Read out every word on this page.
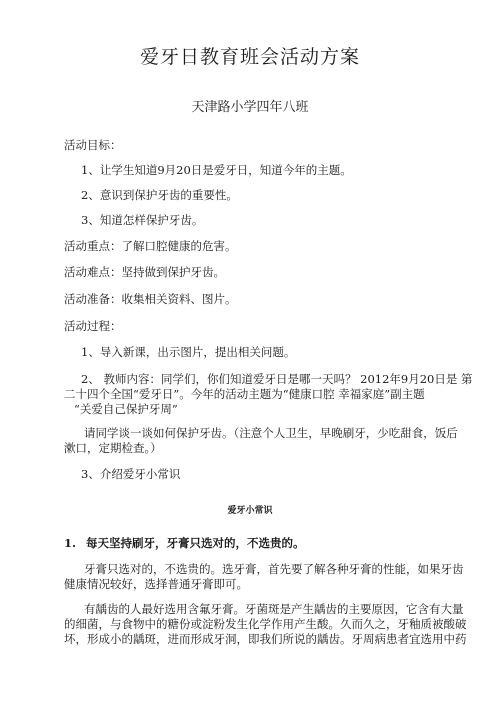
爱牙日教育班会活动方案
天津路小学四年八班
活动目标：
1、让学生知道9月20日是爱牙日，知道今年的主题。
2、意识到保护牙齿的重要性。
3、知道怎样保护牙齿。
活动重点：了解口腔健康的危害。
活动难点：坚持做到保护牙齿。
活动准备：收集相关资料、图片。
活动过程：
1、导入新课，出示图片，提出相关问题。
2、 教师内容：同学们，你们知道爱牙日是哪一天吗？ 2012年9月20日是 第
二十四个全国“爱牙日”。今年的活动主题为“健康口腔 幸福家庭”副主题
“关爱自己保护牙周”
请同学谈一谈如何保护牙齿。（注意个人卫生，早晚刷牙，少吃甜食，饭后
漱口，定期检查。）
3、介绍爱牙小常识
爱牙小常识
1. 每天坚持刷牙，牙膏只选对的，不选贵的。
牙膏只选对的，不选贵的。选牙膏，首先要了解各种牙膏的性能，如果牙齿
健康情况较好，选择普通牙膏即可。
有龋齿的人最好选用含氟牙膏。牙菌斑是产生龋齿的主要原因，它含有大量
的细菌，与食物中的糖份或淀粉发生化学作用产生酸。久而久之，牙釉质被酸破
坏，形成小的龋斑，进而形成牙洞，即我们所说的龋齿。牙周病患者宜选用中药
